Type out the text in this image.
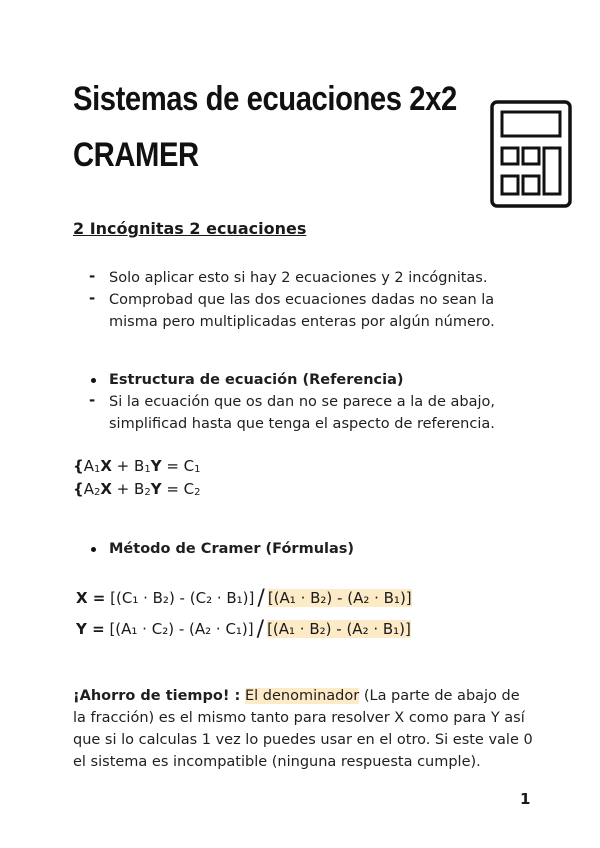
Sistemas de ecuaciones 2x2
CRAMER
2 Incógnitas 2 ecuaciones
- Solo aplicar esto si hay 2 ecuaciones y 2 incógnitas.
- Comprobad que las dos ecuaciones dadas no sean la
misma pero multiplicadas enteras por algún número.
Estructura de ecuación (Referencia)
- Si la ecuación que os dan no se parece a la de abajo,
simplificad hasta que tenga el aspecto de referencia.
{$A_1X + B_1Y = C_1$
{$A_2X + B_2Y = C_2$
Método de Cramer (Fórmulas)
X = [(C₁ · B₂) - (C₂ · B₁)] / [(A₁ · B₂) - (A₂ · B₁)]
Y = [(A₁ · C₂) - (A₂ · C₁)] / [(A₁ · B₂) - (A₂ · B₁)]
¡Ahorro de tiempo! : El denominador (La parte de abajo de
la fracción) es el mismo tanto para resolver X como para Y así
que si lo calculas 1 vez lo puedes usar en el otro. Si este vale 0
el sistema es incompatible (ninguna respuesta cumple).
1
